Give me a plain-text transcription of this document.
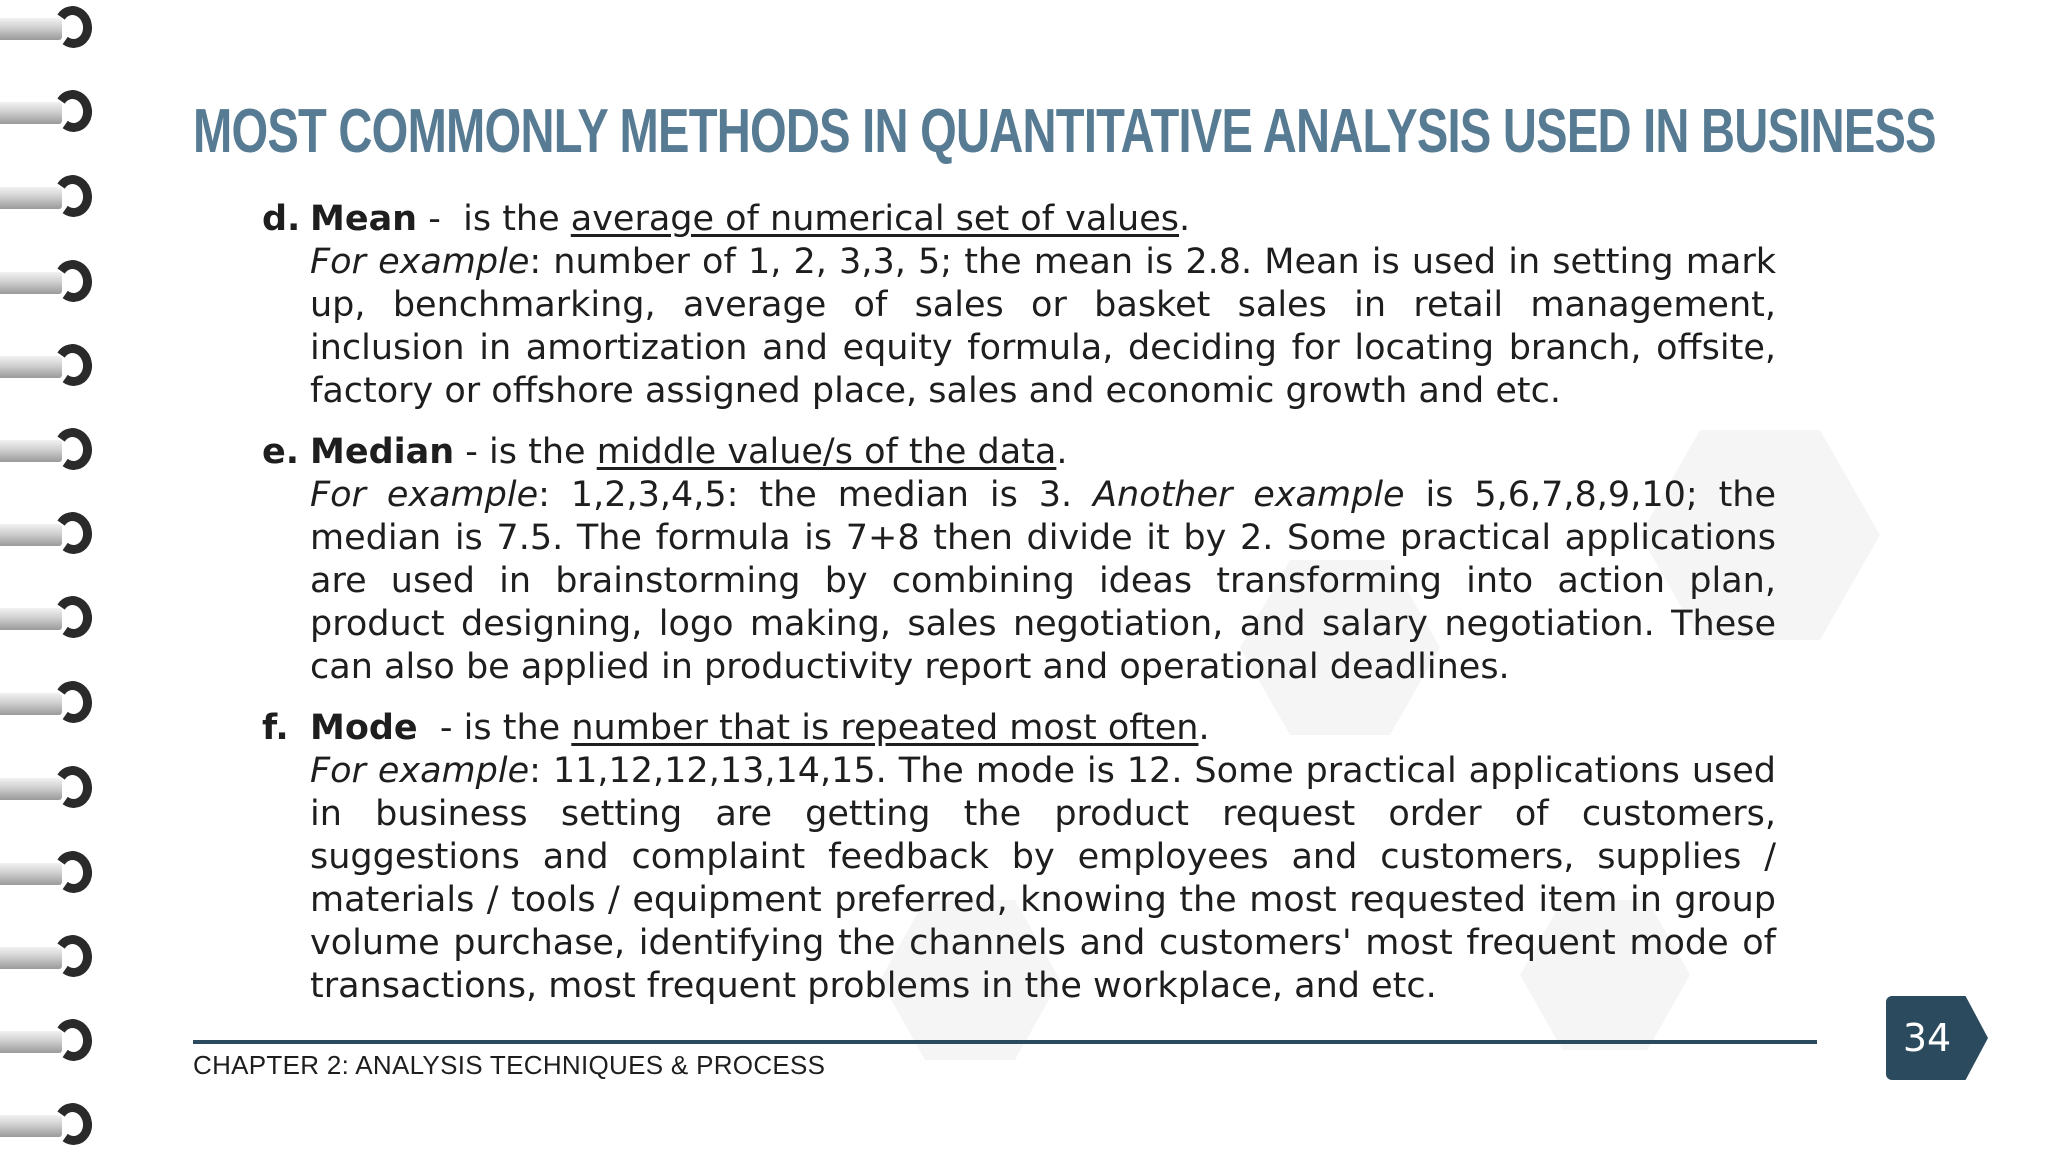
MOST COMMONLY METHODS IN QUANTITATIVE ANALYSIS USED IN BUSINESS
d. Mean -  is the average of numerical set of values.
For example: number of 1, 2, 3,3, 5; the mean is 2.8. Mean is used in setting mark up, benchmarking, average of sales or basket sales in retail management, inclusion in amortization and equity formula, deciding for locating branch, offsite, factory or offshore assigned place, sales and economic growth and etc.
e. Median - is the middle value/s of the data.
For example: 1,2,3,4,5: the median is 3. Another example is 5,6,7,8,9,10; the median is 7.5. The formula is 7+8 then divide it by 2. Some practical applications are used in brainstorming by combining ideas transforming into action plan, product designing, logo making, sales negotiation, and salary negotiation. These can also be applied in productivity report and operational deadlines.
f. Mode  - is the number that is repeated most often.
For example: 11,12,12,13,14,15. The mode is 12. Some practical applications used in business setting are getting the product request order of customers, suggestions and complaint feedback by employees and customers, supplies / materials / tools / equipment preferred, knowing the most requested item in group volume purchase, identifying the channels and customers' most frequent mode of transactions, most frequent problems in the workplace, and etc.
CHAPTER 2: ANALYSIS TECHNIQUES & PROCESS
34
